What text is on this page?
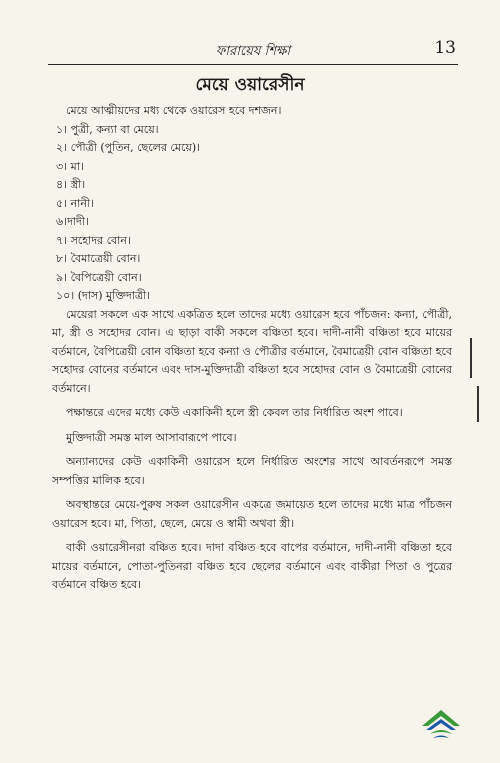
ফারায়েয শিক্ষা	13
মেয়ে ওয়ারেসীন

মেয়ে আত্মীয়দের মধ্য থেকে ওয়ারেস হবে দশজন।

১। পুত্রী, কন্যা বা মেয়ে।
২। পৌত্রী (পুতিন, ছেলের মেয়ে)।
৩। মা।
৪। স্ত্রী।
৫। নানী।
৬।দাদী।
৭। সহোদর বোন।
৮। বৈমাত্রেয়ী বোন।
৯। বৈপিত্রেয়ী বোন।
১০। (দাস) মুক্তিদাত্রী।

মেয়েরা সকলে এক সাথে একত্রিত হলে তাদের মধ্যে ওয়ারেস হবে পাঁচজন: কন্যা, পৌত্রী, মা, স্ত্রী ও সহোদর বোন। এ ছাড়া বাকী সকলে বঞ্চিতা হবে। দাদী-নানী বঞ্চিতা হবে মায়ের বর্তমানে, বৈপিত্রেয়ী বোন বঞ্চিতা হবে কন্যা ও পৌত্রীর বর্তমানে, বৈমাত্রেয়ী বোন বঞ্চিতা হবে সহোদর বোনের বর্তমানে এবং দাস-মুক্তিদাত্রী বঞ্চিতা হবে সহোদর বোন ও বৈমাত্রেয়ী বোনের বর্তমানে।

পক্ষান্তরে এদের মধ্যে কেউ একাকিনী হলে স্ত্রী কেবল তার নির্ধারিত অংশ পাবে।

মুক্তিদাত্রী সমস্ত মাল আসাবারূপে পাবে।

অন্যান্যদের কেউ একাকিনী ওয়ারেস হলে নির্ধারিত অংশের সাথে আবর্তনরূপে সমস্ত সম্পত্তির মালিক হবে।

অবস্থান্তরে মেয়ে-পুরুষ সকল ওয়ারেসীন একত্রে জমায়েত হলে তাদের মধ্যে মাত্র পাঁচজন ওয়ারেস হবে। মা, পিতা, ছেলে, মেয়ে ও স্বামী অথবা স্ত্রী।

বাকী ওয়ারেসীনরা বঞ্চিত হবে। দাদা বঞ্চিত হবে বাপের বর্তমানে, দাদী-নানী বঞ্চিতা হবে মায়ের বর্তমানে, পোতা-পুতিনরা বঞ্চিত হবে ছেলের বর্তমানে এবং বাকীরা পিতা ও পুত্রের বর্তমানে বঞ্চিত হবে।
